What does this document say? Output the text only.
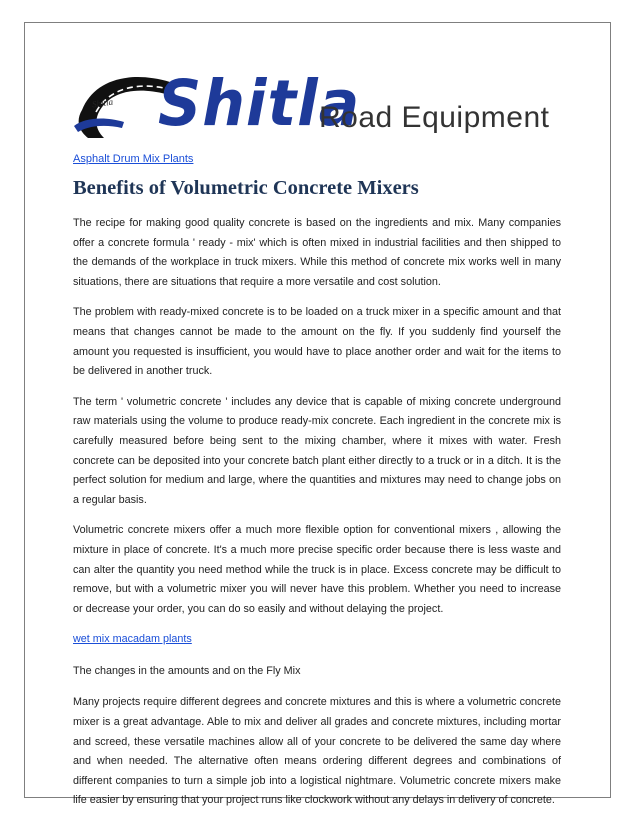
Shitla Shitla
Road Equipment
Asphalt Drum Mix Plants
Benefits of Volumetric Concrete Mixers

The recipe for making good quality concrete is based on the ingredients and mix. Many companies offer a concrete formula ' ready - mix' which is often mixed in industrial facilities and then shipped to the demands of the workplace in truck mixers. While this method of concrete mix works well in many situations, there are situations that require a more versatile and cost solution.

The problem with ready-mixed concrete is to be loaded on a truck mixer in a specific amount and that means that changes cannot be made to the amount on the fly. If you suddenly find yourself the amount you requested is insufficient, you would have to place another order and wait for the items to be delivered in another truck.

The term ' volumetric concrete ' includes any device that is capable of mixing concrete underground raw materials using the volume to produce ready-mix concrete. Each ingredient in the concrete mix is carefully measured before being sent to the mixing chamber, where it mixes with water. Fresh concrete can be deposited into your concrete batch plant either directly to a truck or in a ditch. It is the perfect solution for medium and large, where the quantities and mixtures may need to change jobs on a regular basis.

Volumetric concrete mixers offer a much more flexible option for conventional mixers , allowing the mixture in place of concrete. It's a much more precise specific order because there is less waste and can alter the quantity you need method while the truck is in place. Excess concrete may be difficult to remove, but with a volumetric mixer you will never have this problem. Whether you need to increase or decrease your order, you can do so easily and without delaying the project.

wet mix macadam plants

The changes in the amounts and on the Fly Mix

Many projects require different degrees and concrete mixtures and this is where a volumetric concrete mixer is a great advantage. Able to mix and deliver all grades and concrete mixtures, including mortar and screed, these versatile machines allow all of your concrete to be delivered the same day where and when needed. The alternative often means ordering different degrees and combinations of different companies to turn a simple job into a logistical nightmare. Volumetric concrete mixers make life easier by ensuring that your project runs like clockwork without any delays in delivery of concrete.
